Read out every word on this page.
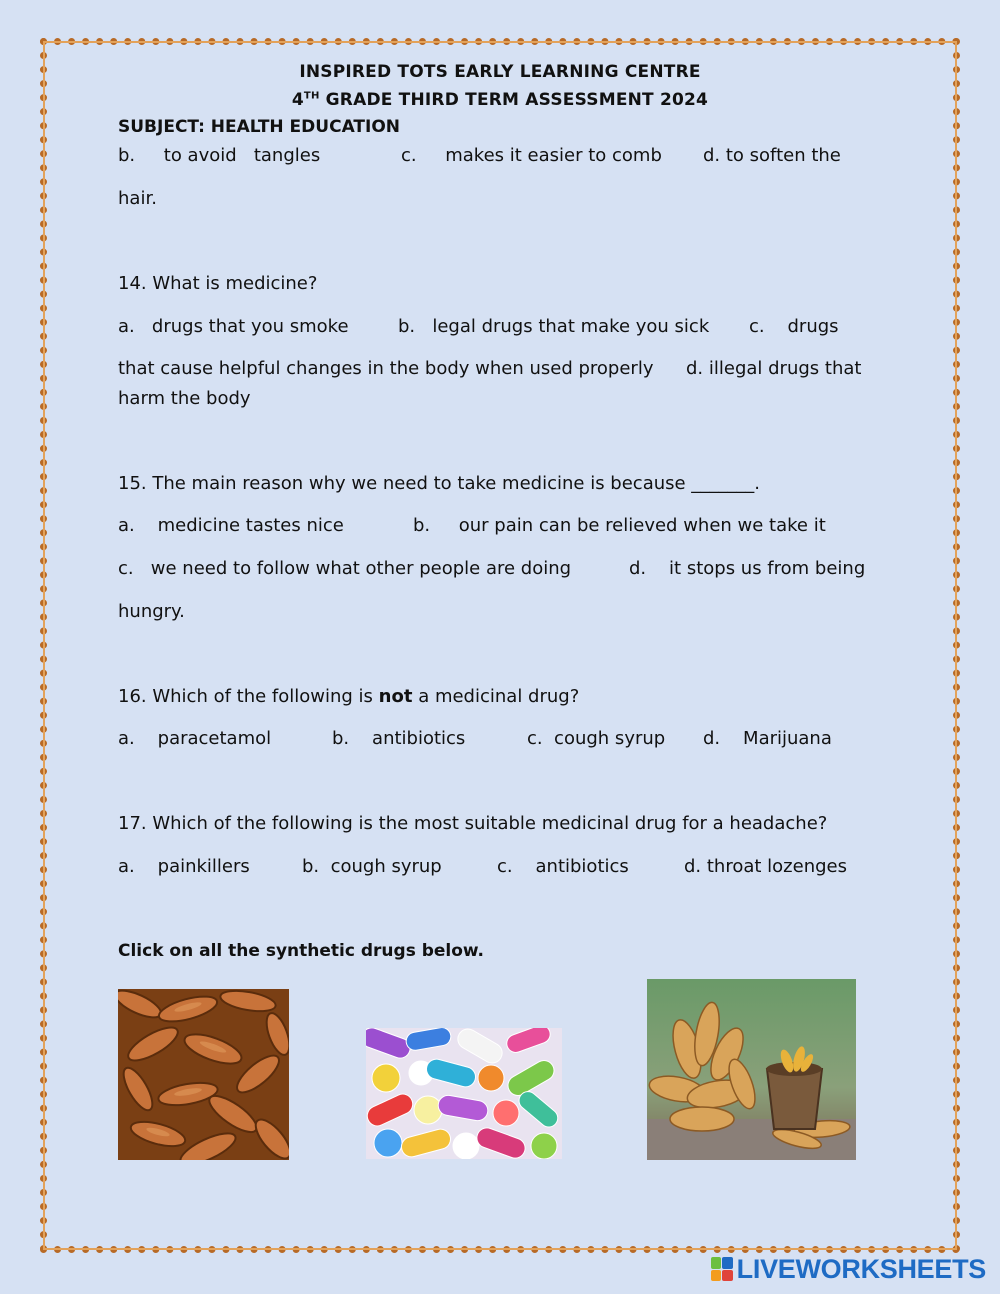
INSPIRED TOTS EARLY LEARNING CENTRE
4TH GRADE THIRD TERM ASSESSMENT 2024
SUBJECT: HEALTH EDUCATION
b.     to avoid   tangles	c.     makes it easier to comb d. to soften the
hair.
14. What is medicine?
a.   drugs that you smoke	b.   legal drugs that make you sick c.    drugs
that cause helpful changes in the body when used properly d. illegal drugs that
harm the body
15. The main reason why we need to take medicine is because _______.
a.    medicine tastes nice	b.     our pain can be relieved when we take it
c.   we need to follow what other people are doing	d.    it stops us from being
hungry.
16. Which of the following is not a medicinal drug?
a.    paracetamol	b.    antibiotics	c.  cough syrup d.    Marijuana
17. Which of the following is the most suitable medicinal drug for a headache?
a.    painkillers	b.  cough syrup	c.    antibiotics	d. throat lozenges
Click on all the synthetic drugs below.
LIVEWORKSHEETS
